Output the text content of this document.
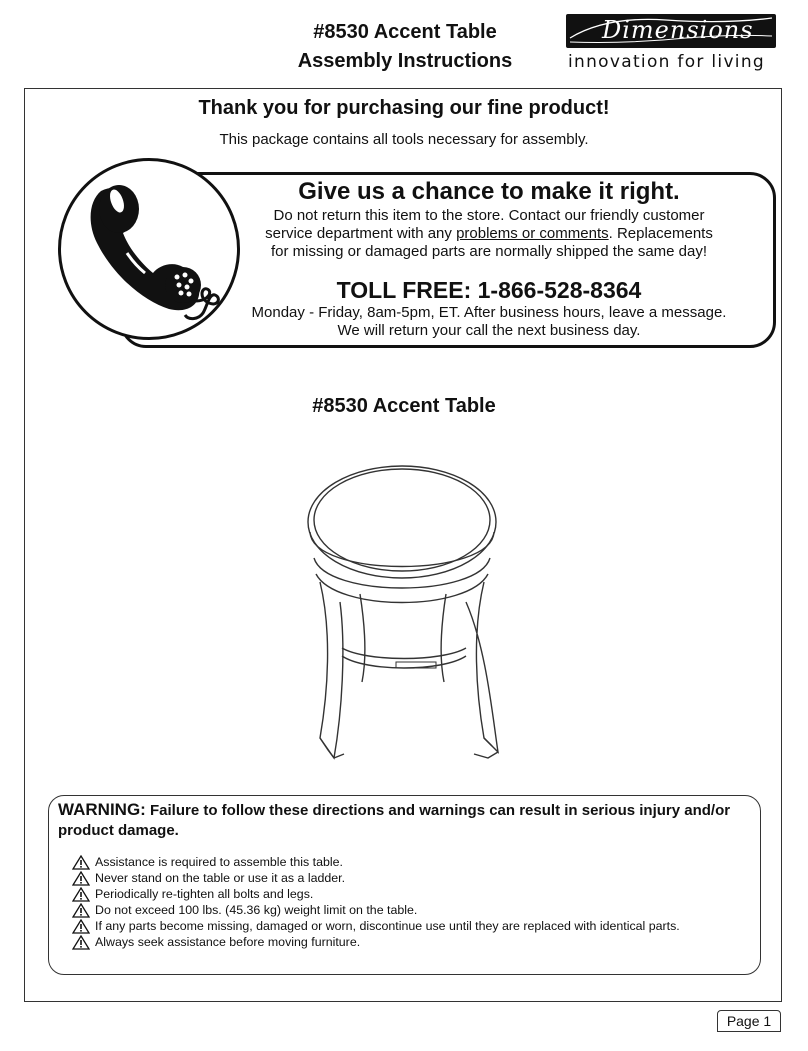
#8530 Accent Table
Assembly Instructions
Dimensions
innovation for living
Thank you for purchasing our fine product!
This package contains all tools necessary for assembly.
Give us a chance to make it right.
Do not return this item to the store. Contact our friendly customer
service department with any problems or comments. Replacements
for missing or damaged parts are normally shipped the same day!
TOLL FREE: 1-866-528-8364
Monday - Friday, 8am-5pm, ET. After business hours, leave a message.
We will return your call the next business day.
#8530 Accent Table
WARNING: Failure to follow these directions and warnings can result in serious injury and/or product damage.
Assistance is required to assemble this table.
Never stand on the table or use it as a ladder.
Periodically re-tighten all bolts and legs.
Do not exceed 100 lbs. (45.36 kg) weight limit on the table.
If any parts become missing, damaged or worn, discontinue use until they are replaced with identical parts.
Always seek assistance before moving furniture.
Page 1
